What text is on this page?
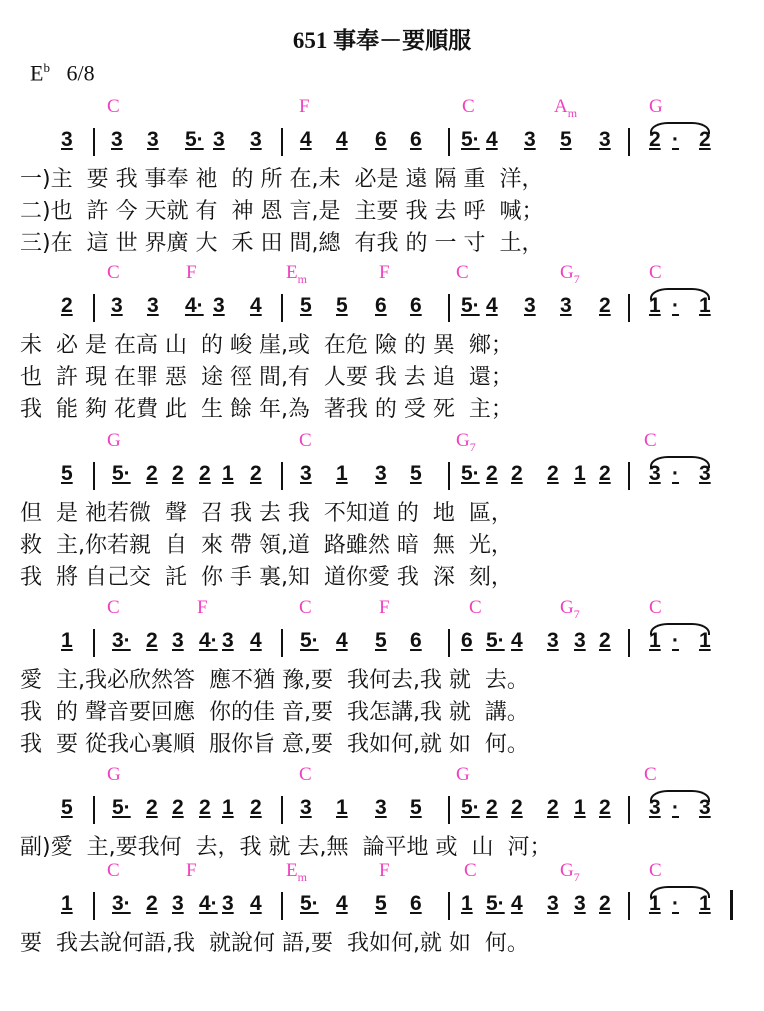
651 事奉－要順服
$E^b$ 6/8
C	F	C	$A_m$	G
3 3 3 5· 3 3 4 4 6 6 5· 4 3 5 3 2 · 2
一)主  要 我 事奉 祂  的 所 在,未  必是 遠 隔 重  洋，
二)也  許 今 天就 有  神 恩 言,是  主要 我 去 呼  喊；
三)在  這 世 界廣 大  禾 田 間,總  有我 的 一 寸  土，
C	F	$E_m$	F	C	$G_7$	C
2 3 3 4· 3 4 5 5 6 6 5· 4 3 3 2 1 · 1
未  必 是 在高 山  的 峻 崖,或  在危 險 的 異  鄉；
也  許 現 在罪 惡  途 徑 間,有  人要 我 去 追  還；
我  能 夠 花費 此  生 餘 年,為  著我 的 受 死  主；
G	C	$G_7$	C
5 5· 2 2 2 1 2 3 1 3 5 5· 2 2 2 1 2 3 · 3
但  是 祂若微  聲  召 我 去 我  不知道 的  地  區，
救  主,你若親  自  來 帶 領,道  路雖然 暗  無  光，
我  將 自己交  託  你 手 裏,知  道你愛 我  深  刻，
C	F	C	F	C	$G_7$	C
1 3· 2 3 4· 3 4 5· 4 5 6 6 5· 4 3 3 2 1 · 1
愛  主,我必欣然答  應不猶 豫,要  我何去,我 就  去。
我  的 聲音要回應  你的佳 音,要  我怎講,我 就  講。
我  要 從我心裏順  服你旨 意,要  我如何,就 如  何。
G	C	G	C
5 5· 2 2 2 1 2 3 1 3 5 5· 2 2 2 1 2 3 · 3
副)愛  主,要我何  去，我 就 去,無  論平地 或  山  河；
C	F	$E_m$	F	C	$G_7$	C
1 3· 2 3 4· 3 4 5· 4 5 6 1 5· 4 3 3 2 1 · 1
要  我去說何語,我  就說何 語,要  我如何,就 如  何。
